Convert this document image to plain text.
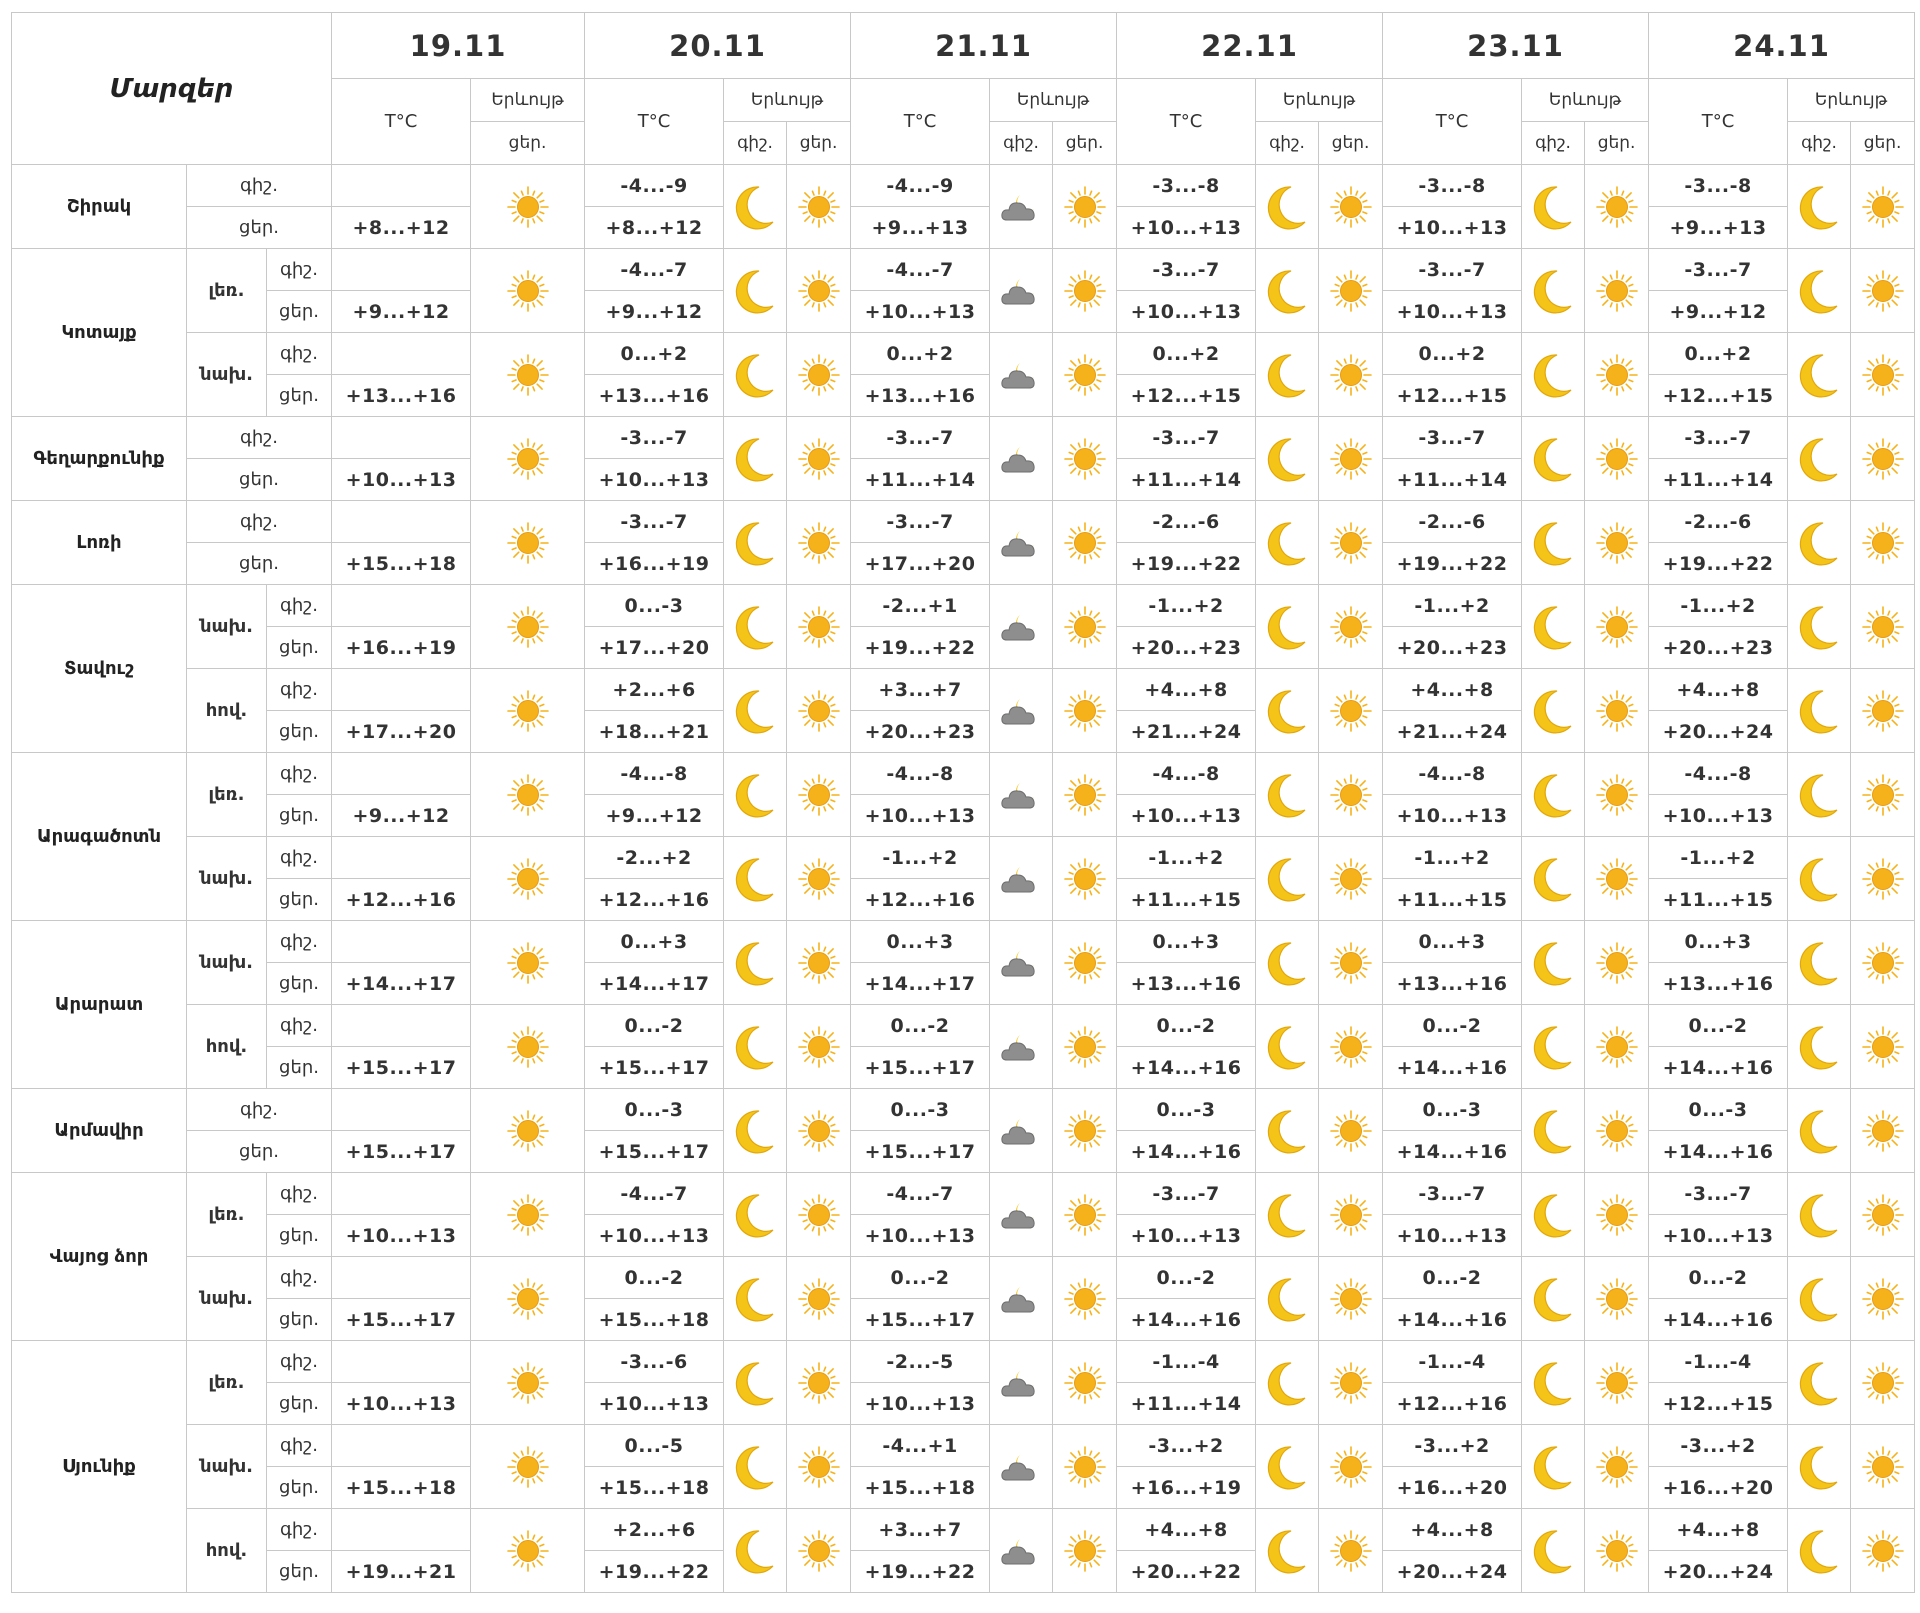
Մարզեր			19.11		20.11			21.11			22.11			23.11			24.11		
			T°C	Երևույթ	T°C	Երևույթ		T°C	Երևույթ		T°C	Երևույթ		T°C	Երևույթ		T°C	Երևույթ	
				ցեր.		գիշ.	ցեր.		գիշ.	ցեր.		գիշ.	ցեր.		գիշ.	ցեր.		գիշ.	ցեր.
Շիրակ	գիշ.				-4...-9			-4...-9			-3...-8			-3...-8			-3...-8	

	ցեր.		+8...+12		+8...+12			+9...+13			+10...+13			+10...+13			+9...+13		
Կոտայք	լեռ.	գիշ.			-4...-7			-4...-7			-3...-7			-3...-7			-3...-7	

		ցեր.	+9...+12		+9...+12			+10...+13			+10...+13			+10...+13			+9...+12		
	նախ.	գիշ.			0...+2			0...+2			0...+2			0...+2			0...+2	

		ցեր.	+13...+16		+13...+16			+13...+16			+12...+15			+12...+15			+12...+15		
Գեղարքունիք	գիշ.				-3...-7			-3...-7			-3...-7			-3...-7			-3...-7	

	ցեր.		+10...+13		+10...+13			+11...+14			+11...+14			+11...+14			+11...+14		
Լոռի	գիշ.				-3...-7			-3...-7			-2...-6			-2...-6			-2...-6	

	ցեր.		+15...+18		+16...+19			+17...+20			+19...+22			+19...+22			+19...+22		
Տավուշ	նախ.	գիշ.			0...-3			-2...+1			-1...+2			-1...+2			-1...+2	

		ցեր.	+16...+19		+17...+20			+19...+22			+20...+23			+20...+23			+20...+23		
	հով.	գիշ.			+2...+6			+3...+7			+4...+8			+4...+8			+4...+8	

		ցեր.	+17...+20		+18...+21			+20...+23			+21...+24			+21...+24			+20...+24		
Արագածոտն	լեռ.	գիշ.			-4...-8			-4...-8			-4...-8			-4...-8			-4...-8	

		ցեր.	+9...+12		+9...+12			+10...+13			+10...+13			+10...+13			+10...+13		
	նախ.	գիշ.			-2...+2			-1...+2			-1...+2			-1...+2			-1...+2	

		ցեր.	+12...+16		+12...+16			+12...+16			+11...+15			+11...+15			+11...+15		
Արարատ	նախ.	գիշ.			0...+3			0...+3			0...+3			0...+3			0...+3	

		ցեր.	+14...+17		+14...+17			+14...+17			+13...+16			+13...+16			+13...+16		
	հով.	գիշ.			0...-2			0...-2			0...-2			0...-2			0...-2	

		ցեր.	+15...+17		+15...+17			+15...+17			+14...+16			+14...+16			+14...+16		
Արմավիր	գիշ.				0...-3			0...-3			0...-3			0...-3			0...-3	

	ցեր.		+15...+17		+15...+17			+15...+17			+14...+16			+14...+16			+14...+16		
Վայոց ձոր	լեռ.	գիշ.			-4...-7			-4...-7			-3...-7			-3...-7			-3...-7	

		ցեր.	+10...+13		+10...+13			+10...+13			+10...+13			+10...+13			+10...+13		
	նախ.	գիշ.			0...-2			0...-2			0...-2			0...-2			0...-2	

		ցեր.	+15...+17		+15...+18			+15...+17			+14...+16			+14...+16			+14...+16		
Սյունիք	լեռ.	գիշ.			-3...-6			-2...-5			-1...-4			-1...-4			-1...-4	

		ցեր.	+10...+13		+10...+13			+10...+13			+11...+14			+12...+16			+12...+15		
	նախ.	գիշ.			0...-5			-4...+1			-3...+2			-3...+2			-3...+2	

		ցեր.	+15...+18		+15...+18			+15...+18			+16...+19			+16...+20			+16...+20		
	հով.	գիշ.			+2...+6			+3...+7			+4...+8			+4...+8			+4...+8	

		ցեր.	+19...+21		+19...+22			+19...+22			+20...+22			+20...+24			+20...+24		
